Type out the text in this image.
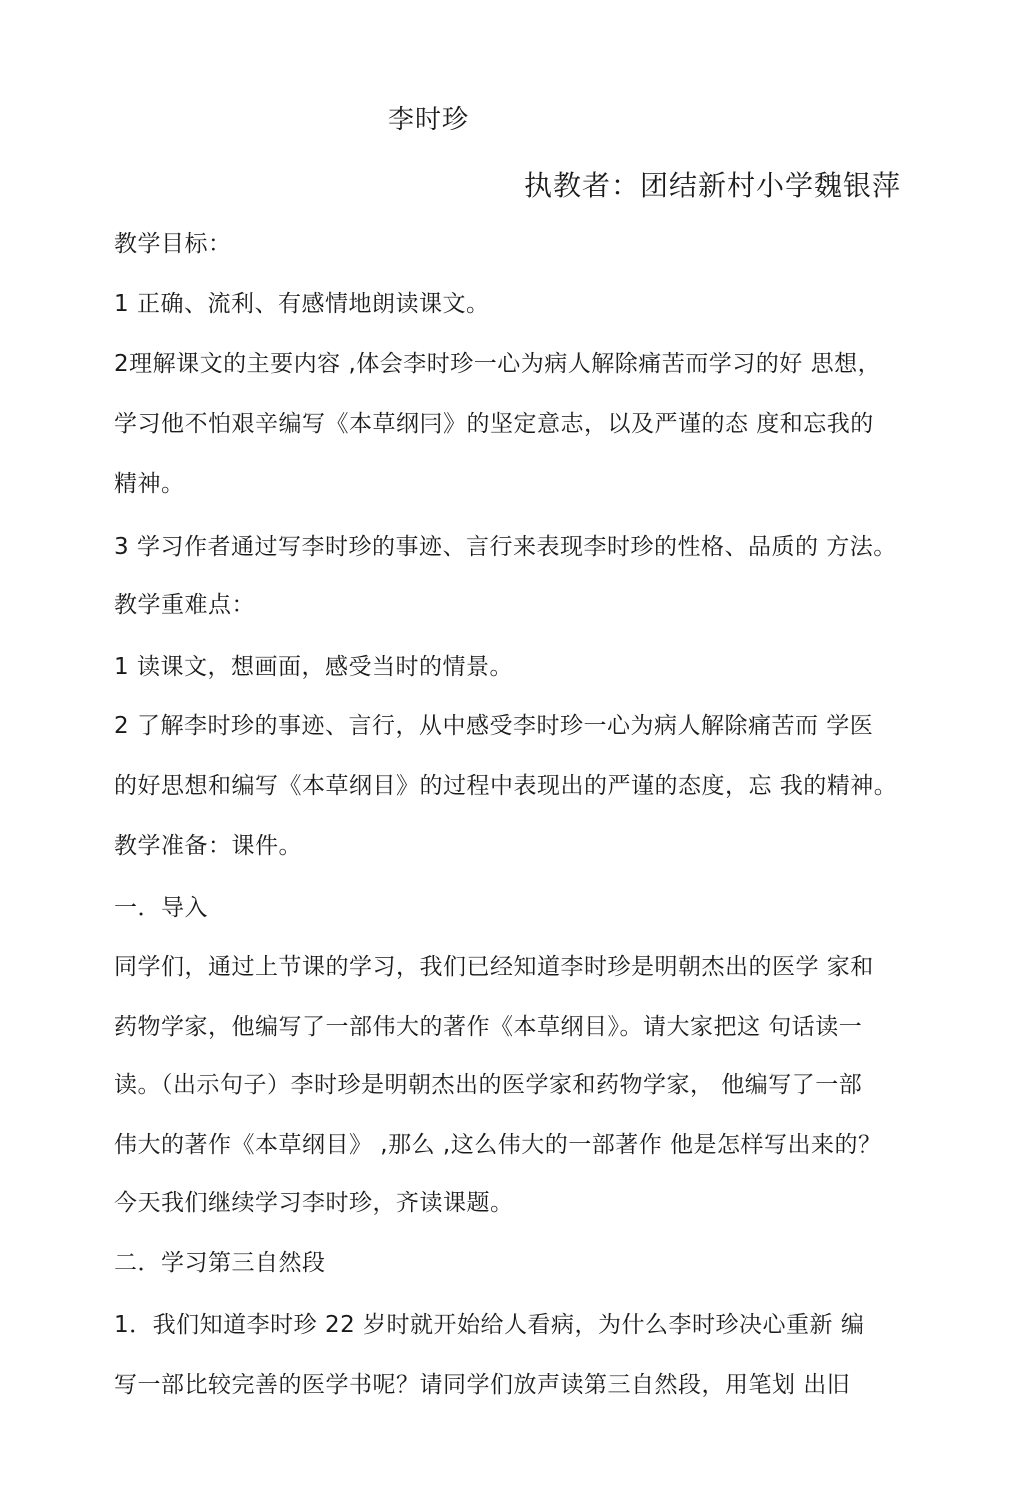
李时珍
执教者：团结新村小学魏银萍
教学目标：
1 正确、流利、有感情地朗读课文。
2理解课文的主要内容 ,体会李时珍一心为病人解除痛苦而学习的好 思想，
学习他不怕艰辛编写《本草纲冃》的坚定意志，以及严谨的态 度和忘我的
精神。
3 学习作者通过写李时珍的事迹、言行来表现李时珍的性格、品质的 方法。
教学重难点：
1 读课文，想画面，感受当时的情景。
2 了解李时珍的事迹、言行，从中感受李时珍一心为病人解除痛苦而 学医
的好思想和编写《本草纲目》的过程中表现出的严谨的态度，忘 我的精神。
教学准备：课件。
一．导入
同学们，通过上节课的学习，我们已经知道李时珍是明朝杰出的医学 家和
药物学家，他编写了一部伟大的著作《本草纲目》。请大家把这 句话读一
读。（出示句子）李时珍是明朝杰出的医学家和药物学家， 他编写了一部
伟大的著作《本草纲目》 ,那么 ,这么伟大的一部著作 他是怎样写出来的？
今天我们继续学习李时珍，齐读课题。
二．学习第三自然段
1．我们知道李时珍 22 岁时就开始给人看病，为什么李时珍决心重新 编
写一部比较完善的医学书呢？请同学们放声读第三自然段，用笔划 出旧
